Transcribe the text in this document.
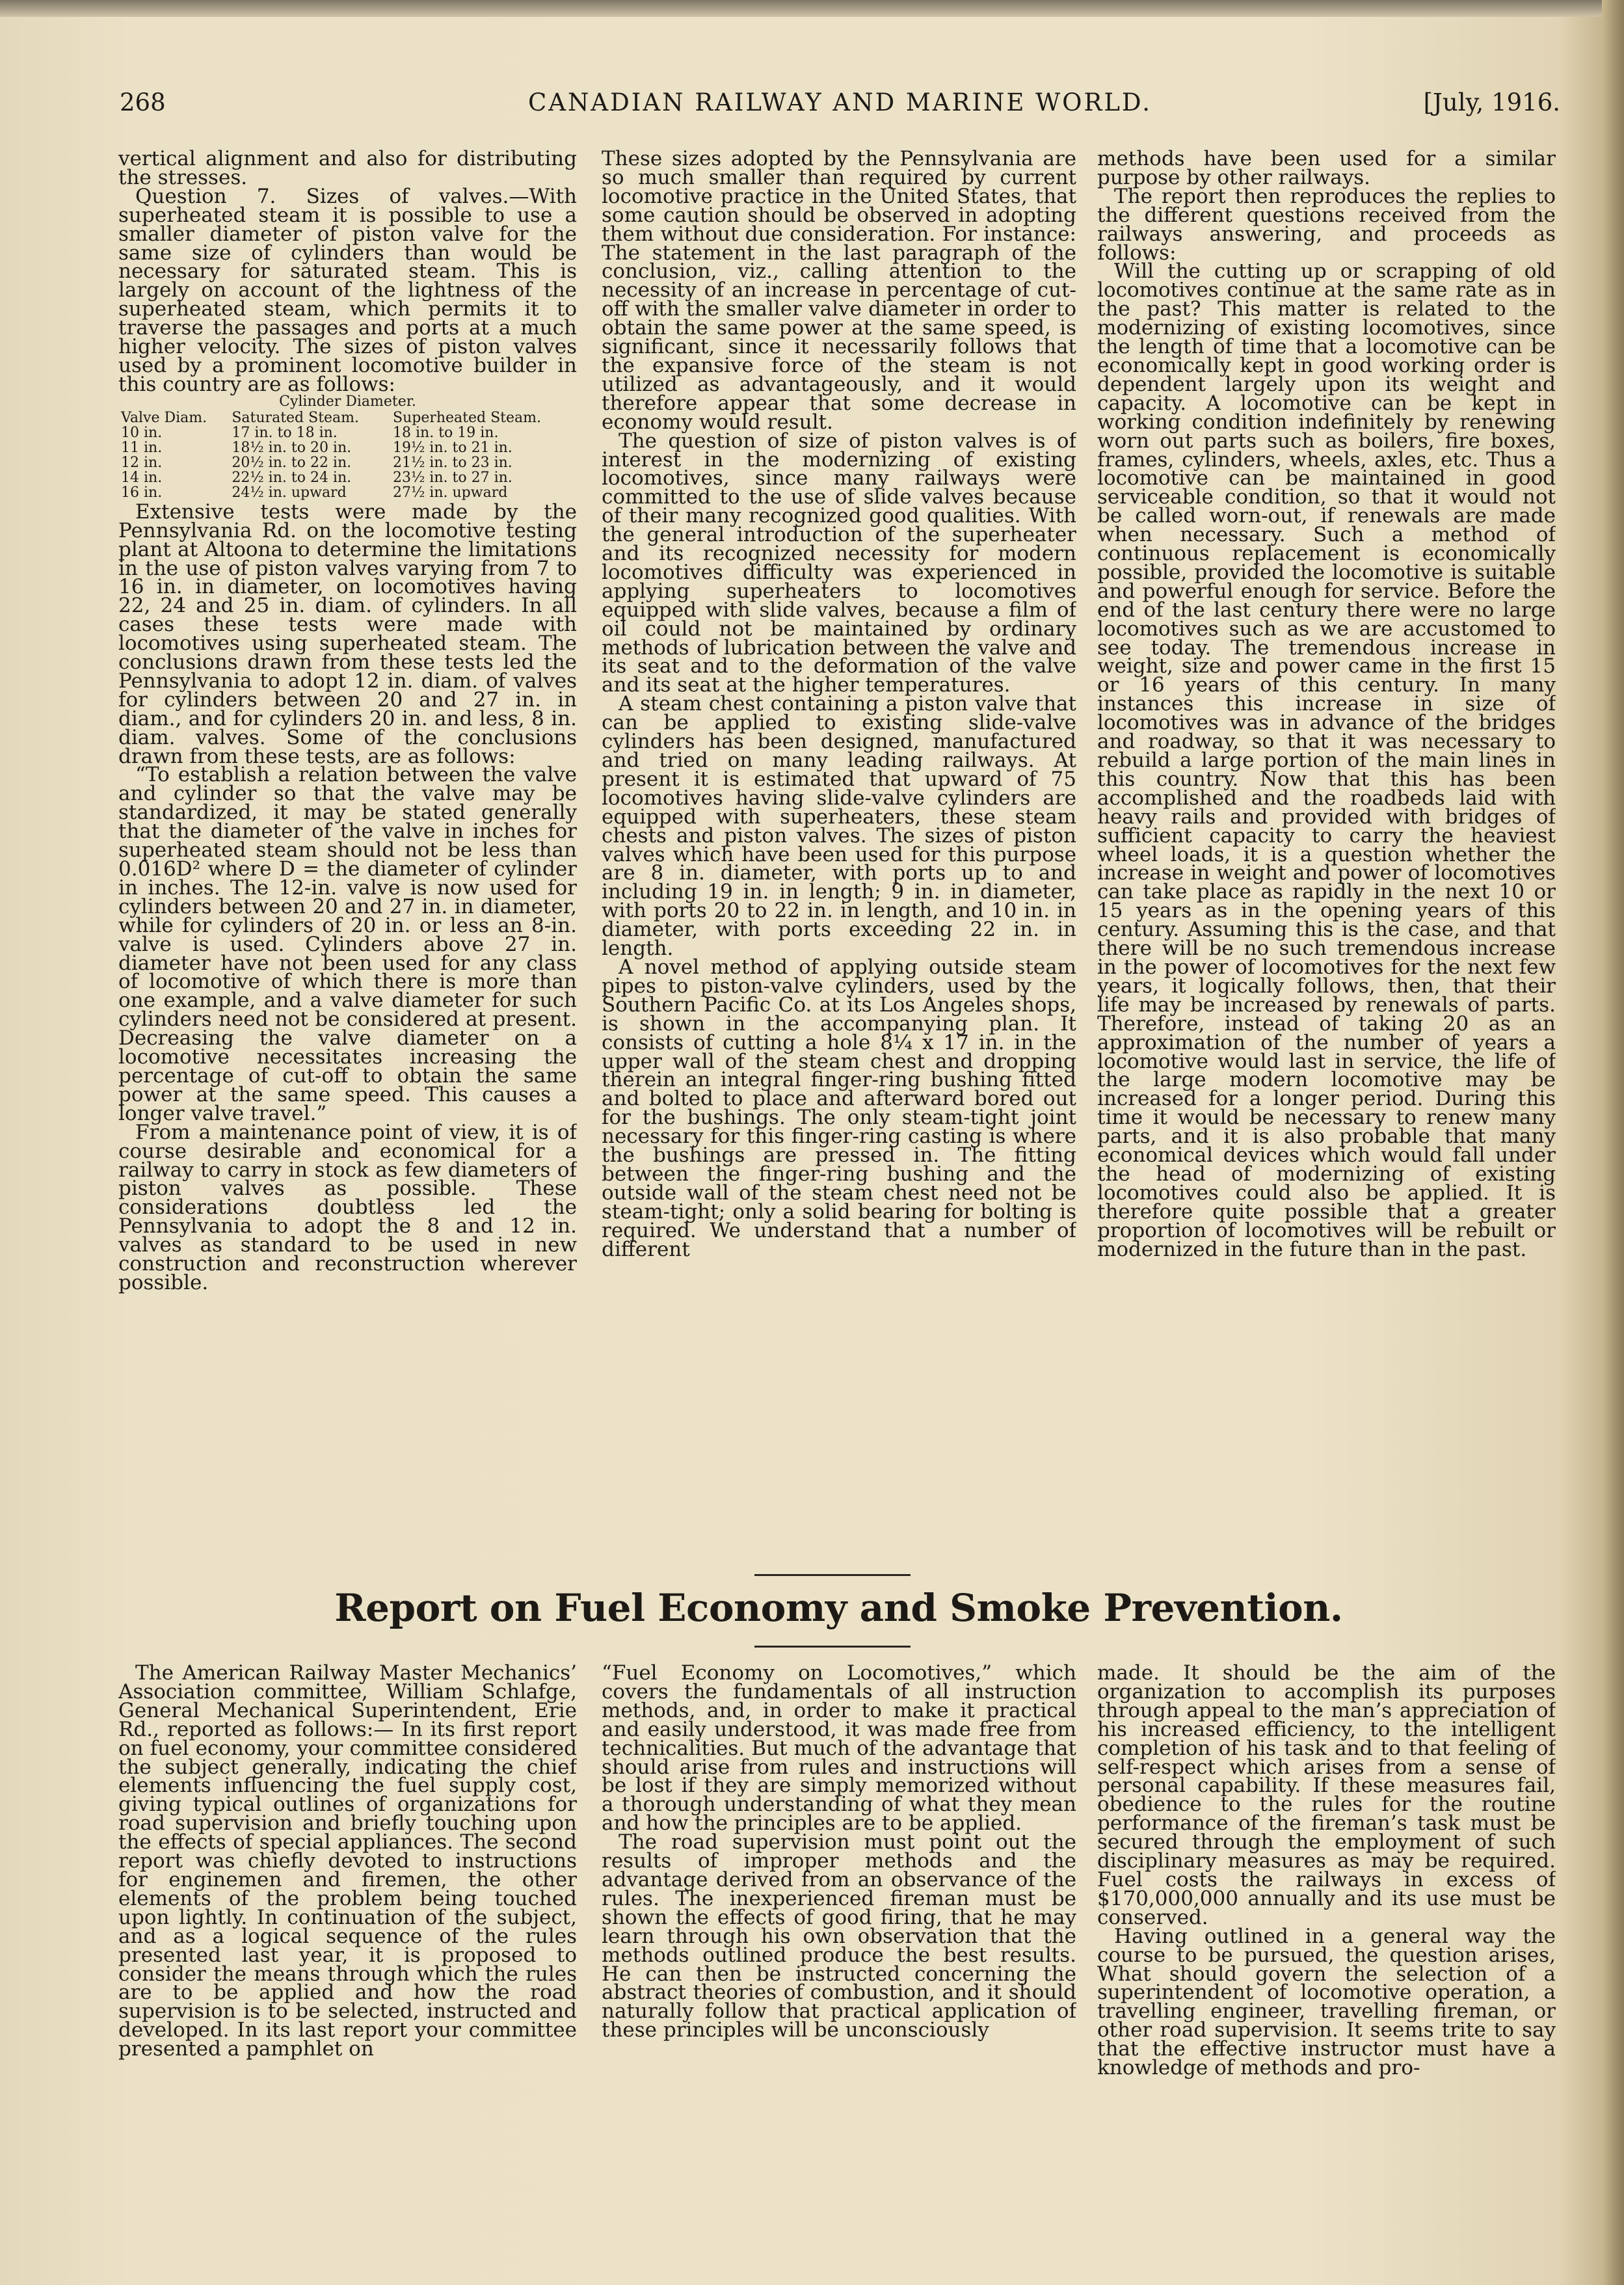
CANADIAN RAILWAY AND MARINE WORLD.
268	[July, 1916.

vertical alignment and also for distributing the stresses.

Question 7. Sizes of valves.—With superheated steam it is possible to use a smaller diameter of piston valve for the same size of cylinders than would be necessary for saturated steam. This is largely on account of the lightness of the superheated steam, which permits it to traverse the passages and ports at a much higher velocity. The sizes of piston valves used by a prominent locomotive builder in this country are as follows:

Cylinder Diameter.
Valve Diam.	Saturated Steam.	Superheated Steam.
10 in.	17 in. to 18 in.	18 in. to 19 in.
11 in.	18½ in. to 20 in.	19½ in. to 21 in.
12 in.	20½ in. to 22 in.	21½ in. to 23 in.
14 in.	22½ in. to 24 in.	23½ in. to 27 in.
16 in.	24½ in. upward	27½ in. upward

Extensive tests were made by the Pennsylvania Rd. on the locomotive testing plant at Altoona to determine the limitations in the use of piston valves varying from 7 to 16 in. in diameter, on locomotives having 22, 24 and 25 in. diam. of cylinders. In all cases these tests were made with locomotives using superheated steam. The conclusions drawn from these tests led the Pennsylvania to adopt 12 in. diam. of valves for cylinders between 20 and 27 in. in diam., and for cylinders 20 in. and less, 8 in. diam. valves. Some of the conclusions drawn from these tests, are as follows:

“To establish a relation between the valve and cylinder so that the valve may be standardized, it may be stated generally that the diameter of the valve in inches for superheated steam should not be less than 0.016D² where D = the diameter of cylinder in inches. The 12-in. valve is now used for cylinders between 20 and 27 in. in diameter, while for cylinders of 20 in. or less an 8-in. valve is used. Cylinders above 27 in. diameter have not been used for any class of locomotive of which there is more than one example, and a valve diameter for such cylinders need not be considered at present. Decreasing the valve diameter on a locomotive necessitates increasing the percentage of cut-off to obtain the same power at the same speed. This causes a longer valve travel.”

From a maintenance point of view, it is of course desirable and economical for a railway to carry in stock as few diameters of piston valves as possible. These considerations doubtless led the Pennsylvania to adopt the 8 and 12 in. valves as standard to be used in new construction and reconstruction wherever possible.

These sizes adopted by the Pennsylvania are so much smaller than required by current locomotive practice in the United States, that some caution should be observed in adopting them without due consideration. For instance: The statement in the last paragraph of the conclusion, viz., calling attention to the necessity of an increase in percentage of cut-off with the smaller valve diameter in order to obtain the same power at the same speed, is significant, since it necessarily follows that the expansive force of the steam is not utilized as advantageously, and it would therefore appear that some decrease in economy would result.

The question of size of piston valves is of interest in the modernizing of existing locomotives, since many railways were committed to the use of slide valves because of their many recognized good qualities. With the general introduction of the superheater and its recognized necessity for modern locomotives difficulty was experienced in applying superheaters to locomotives equipped with slide valves, because a film of oil could not be maintained by ordinary methods of lubrication between the valve and its seat and to the deformation of the valve and its seat at the higher temperatures.

A steam chest containing a piston valve that can be applied to existing slide-valve cylinders has been designed, manufactured and tried on many leading railways. At present it is estimated that upward of 75 locomotives having slide-valve cylinders are equipped with superheaters, these steam chests and piston valves. The sizes of piston valves which have been used for this purpose are 8 in. diameter, with ports up to and including 19 in. in length; 9 in. in diameter, with ports 20 to 22 in. in length, and 10 in. in diameter, with ports exceeding 22 in. in length.

A novel method of applying outside steam pipes to piston-valve cylinders, used by the Southern Pacific Co. at its Los Angeles shops, is shown in the accompanying plan. It consists of cutting a hole 8¼ x 17 in. in the upper wall of the steam chest and dropping therein an integral finger-ring bushing fitted and bolted to place and afterward bored out for the bushings. The only steam-tight joint necessary for this finger-ring casting is where the bushings are pressed in. The fitting between the finger-ring bushing and the outside wall of the steam chest need not be steam-tight; only a solid bearing for bolting is required. We understand that a number of different

methods have been used for a similar purpose by other railways.

The report then reproduces the replies to the different questions received from the railways answering, and proceeds as follows:

Will the cutting up or scrapping of old locomotives continue at the same rate as in the past? This matter is related to the modernizing of existing locomotives, since the length of time that a locomotive can be economically kept in good working order is dependent largely upon its weight and capacity. A locomotive can be kept in working condition indefinitely by renewing worn out parts such as boilers, fire boxes, frames, cylinders, wheels, axles, etc. Thus a locomotive can be maintained in good serviceable condition, so that it would not be called worn-out, if renewals are made when necessary. Such a method of continuous replacement is economically possible, provided the locomotive is suitable and powerful enough for service. Before the end of the last century there were no large locomotives such as we are accustomed to see today. The tremendous increase in weight, size and power came in the first 15 or 16 years of this century. In many instances this increase in size of locomotives was in advance of the bridges and roadway, so that it was necessary to rebuild a large portion of the main lines in this country. Now that this has been accomplished and the roadbeds laid with heavy rails and provided with bridges of sufficient capacity to carry the heaviest wheel loads, it is a question whether the increase in weight and power of locomotives can take place as rapidly in the next 10 or 15 years as in the opening years of this century. Assuming this is the case, and that there will be no such tremendous increase in the power of locomotives for the next few years, it logically follows, then, that their life may be increased by renewals of parts. Therefore, instead of taking 20 as an approximation of the number of years a locomotive would last in service, the life of the large modern locomotive may be increased for a longer period. During this time it would be necessary to renew many parts, and it is also probable that many economical devices which would fall under the head of modernizing of existing locomotives could also be applied. It is therefore quite possible that a greater proportion of locomotives will be rebuilt or modernized in the future than in the past.

Report on Fuel Economy and Smoke Prevention.

The American Railway Master Mechanics’ Association committee, William Schlafge, General Mechanical Superintendent, Erie Rd., reported as follows:— In its first report on fuel economy, your committee considered the subject generally, indicating the chief elements influencing the fuel supply cost, giving typical outlines of organizations for road supervision and briefly touching upon the effects of special appliances. The second report was chiefly devoted to instructions for enginemen and firemen, the other elements of the problem being touched upon lightly. In continuation of the subject, and as a logical sequence of the rules presented last year, it is proposed to consider the means through which the rules are to be applied and how the road supervision is to be selected, instructed and developed. In its last report your committee presented a pamphlet on

“Fuel Economy on Locomotives,” which covers the fundamentals of all instruction methods, and, in order to make it practical and easily understood, it was made free from technicalities. But much of the advantage that should arise from rules and instructions will be lost if they are simply memorized without a thorough understanding of what they mean and how the principles are to be applied.

The road supervision must point out the results of improper methods and the advantage derived from an observance of the rules. The inexperienced fireman must be shown the effects of good firing, that he may learn through his own observation that the methods outlined produce the best results. He can then be instructed concerning the abstract theories of combustion, and it should naturally follow that practical application of these principles will be unconsciously

made. It should be the aim of the organization to accomplish its purposes through appeal to the man’s appreciation of his increased efficiency, to the intelligent completion of his task and to that feeling of self-respect which arises from a sense of personal capability. If these measures fail, obedience to the rules for the routine performance of the fireman’s task must be secured through the employment of such disciplinary measures as may be required. Fuel costs the railways in excess of $170,000,000 annually and its use must be conserved.

Having outlined in a general way the course to be pursued, the question arises, What should govern the selection of a superintendent of locomotive operation, a travelling engineer, travelling fireman, or other road supervision. It seems trite to say that the effective instructor must have a knowledge of methods and pro-
